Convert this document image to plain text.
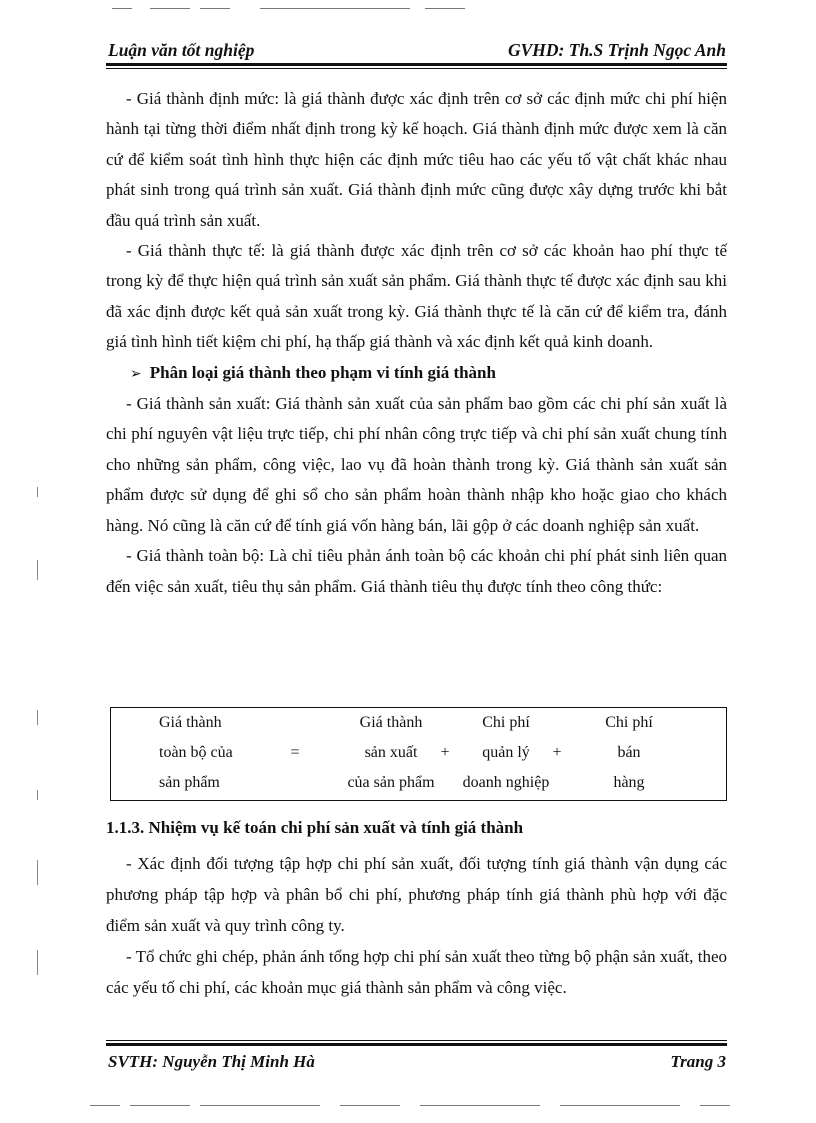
Luận văn tốt nghiệp	GVHD: Th.S Trịnh Ngọc Anh

- Giá thành định mức: là giá thành được xác định trên cơ sở các định mức chi phí hiện hành tại từng thời điểm nhất định trong kỳ kế hoạch. Giá thành định mức được xem là căn cứ để kiểm soát tình hình thực hiện các định mức tiêu hao các yếu tố vật chất khác nhau phát sinh trong quá trình sản xuất. Giá thành định mức cũng được xây dựng trước khi bắt đầu quá trình sản xuất.

- Giá thành thực tế: là giá thành được xác định trên cơ sở các khoản hao phí thực tế trong kỳ để thực hiện quá trình sản xuất sản phẩm. Giá thành thực tế được xác định sau khi đã xác định được kết quả sản xuất trong kỳ. Giá thành thực tế là căn cứ để kiểm tra, đánh giá tình hình tiết kiệm chi phí, hạ thấp giá thành và xác định kết quả kinh doanh.

➢ Phân loại giá thành theo phạm vi tính giá thành

- Giá thành sản xuất: Giá thành sản xuất của sản phẩm bao gồm các chi phí sản xuất là chi phí nguyên vật liệu trực tiếp, chi phí nhân công trực tiếp và chi phí sản xuất chung tính cho những sản phẩm, công việc, lao vụ đã hoàn thành trong kỳ. Giá thành sản xuất sản phẩm được sử dụng để ghi sổ cho sản phẩm hoàn thành nhập kho hoặc giao cho khách hàng. Nó cũng là căn cứ để tính giá vốn hàng bán, lãi gộp ở các doanh nghiệp sản xuất.

- Giá thành toàn bộ: Là chỉ tiêu phản ánh toàn bộ các khoản chi phí phát sinh liên quan đến việc sản xuất, tiêu thụ sản phẩm. Giá thành tiêu thụ được tính theo công thức:

Giá thành
toàn bộ của
sản phẩm
=
Giá thành
sản xuất
của sản phẩm
+
Chi phí
quản lý
doanh nghiệp
+
Chi phí
bán
hàng
1.1.3. Nhiệm vụ kế toán chi phí sản xuất và tính giá thành

- Xác định đối tượng tập hợp chi phí sản xuất, đối tượng tính giá thành vận dụng các phương pháp tập hợp và phân bổ chi phí, phương pháp tính giá thành phù hợp với đặc điểm sản xuất và quy trình công ty.

- Tổ chức ghi chép, phản ánh tổng hợp chi phí sản xuất theo từng bộ phận sản xuất, theo các yếu tố chi phí, các khoản mục giá thành sản phẩm và công việc.

SVTH: Nguyễn Thị Minh Hà	Trang 3
